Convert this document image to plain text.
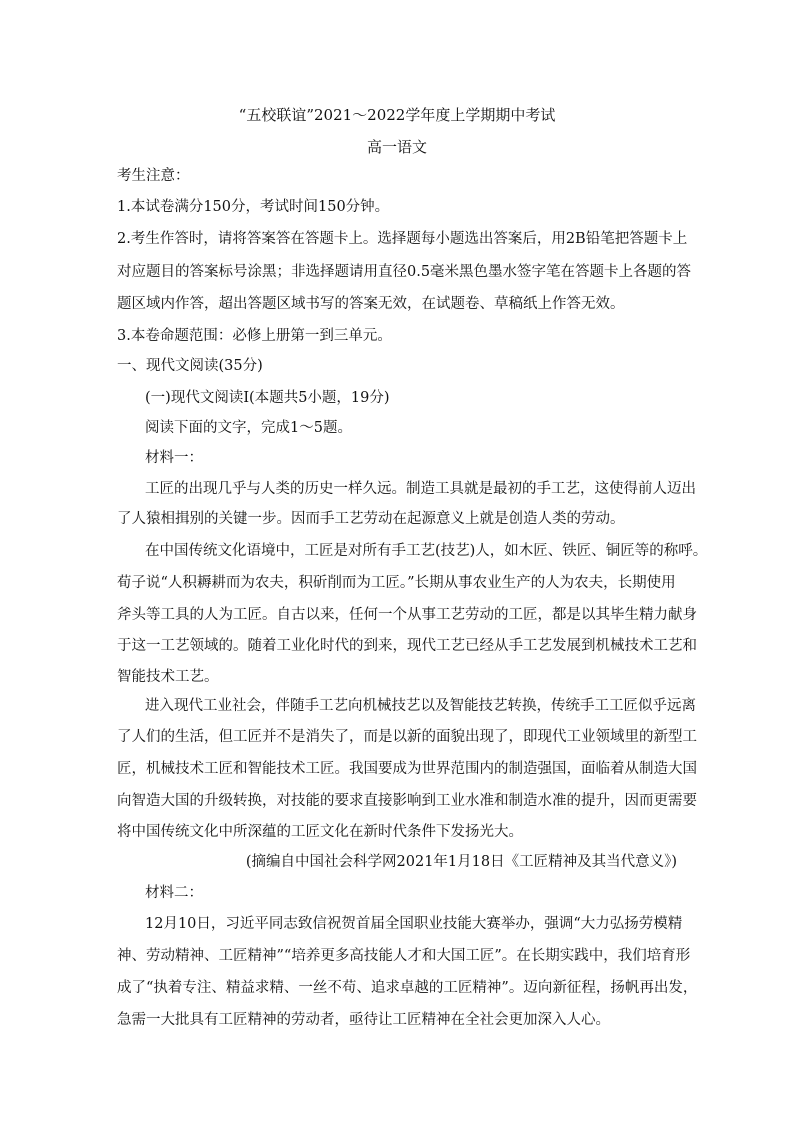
“五校联谊”2021～2022学年度上学期期中考试
高一语文
考生注意：
1.本试卷满分150分，考试时间150分钟。
2.考生作答时，请将答案答在答题卡上。选择题每小题选出答案后，用2B铅笔把答题卡上
对应题目的答案标号涂黑；非选择题请用直径0.5毫米黑色墨水签字笔在答题卡上各题的答
题区域内作答，超出答题区域书写的答案无效，在试题卷、草稿纸上作答无效。
3.本卷命题范围：必修上册第一到三单元。
一、现代文阅读(35分)
(一)现代文阅读Ⅰ(本题共5小题，19分)
阅读下面的文字，完成1～5题。
材料一：
工匠的出现几乎与人类的历史一样久远。制造工具就是最初的手工艺，这使得前人迈出
了人猿相揖别的关键一步。因而手工艺劳动在起源意义上就是创造人类的劳动。
在中国传统文化语境中，工匠是对所有手工艺(技艺)人，如木匠、铁匠、铜匠等的称呼。
荀子说“人积耨耕而为农夫，积斫削而为工匠。”长期从事农业生产的人为农夫，长期使用
斧头等工具的人为工匠。自古以来，任何一个从事工艺劳动的工匠，都是以其毕生精力献身
于这一工艺领域的。随着工业化时代的到来，现代工艺已经从手工艺发展到机械技术工艺和
智能技术工艺。
进入现代工业社会，伴随手工艺向机械技艺以及智能技艺转换，传统手工工匠似乎远离
了人们的生活，但工匠并不是消失了，而是以新的面貌出现了，即现代工业领域里的新型工
匠，机械技术工匠和智能技术工匠。我国要成为世界范围内的制造强国，面临着从制造大国
向智造大国的升级转换，对技能的要求直接影响到工业水准和制造水准的提升，因而更需要
将中国传统文化中所深蕴的工匠文化在新时代条件下发扬光大。
(摘编自中国社会科学网2021年1月18日《工匠精神及其当代意义》)
材料二：
12月10日，习近平同志致信祝贺首届全国职业技能大赛举办，强调“大力弘扬劳模精
神、劳动精神、工匠精神”“培养更多高技能人才和大国工匠”。在长期实践中，我们培育形
成了“执着专注、精益求精、一丝不苟、追求卓越的工匠精神”。迈向新征程，扬帆再出发，
急需一大批具有工匠精神的劳动者，亟待让工匠精神在全社会更加深入人心。
